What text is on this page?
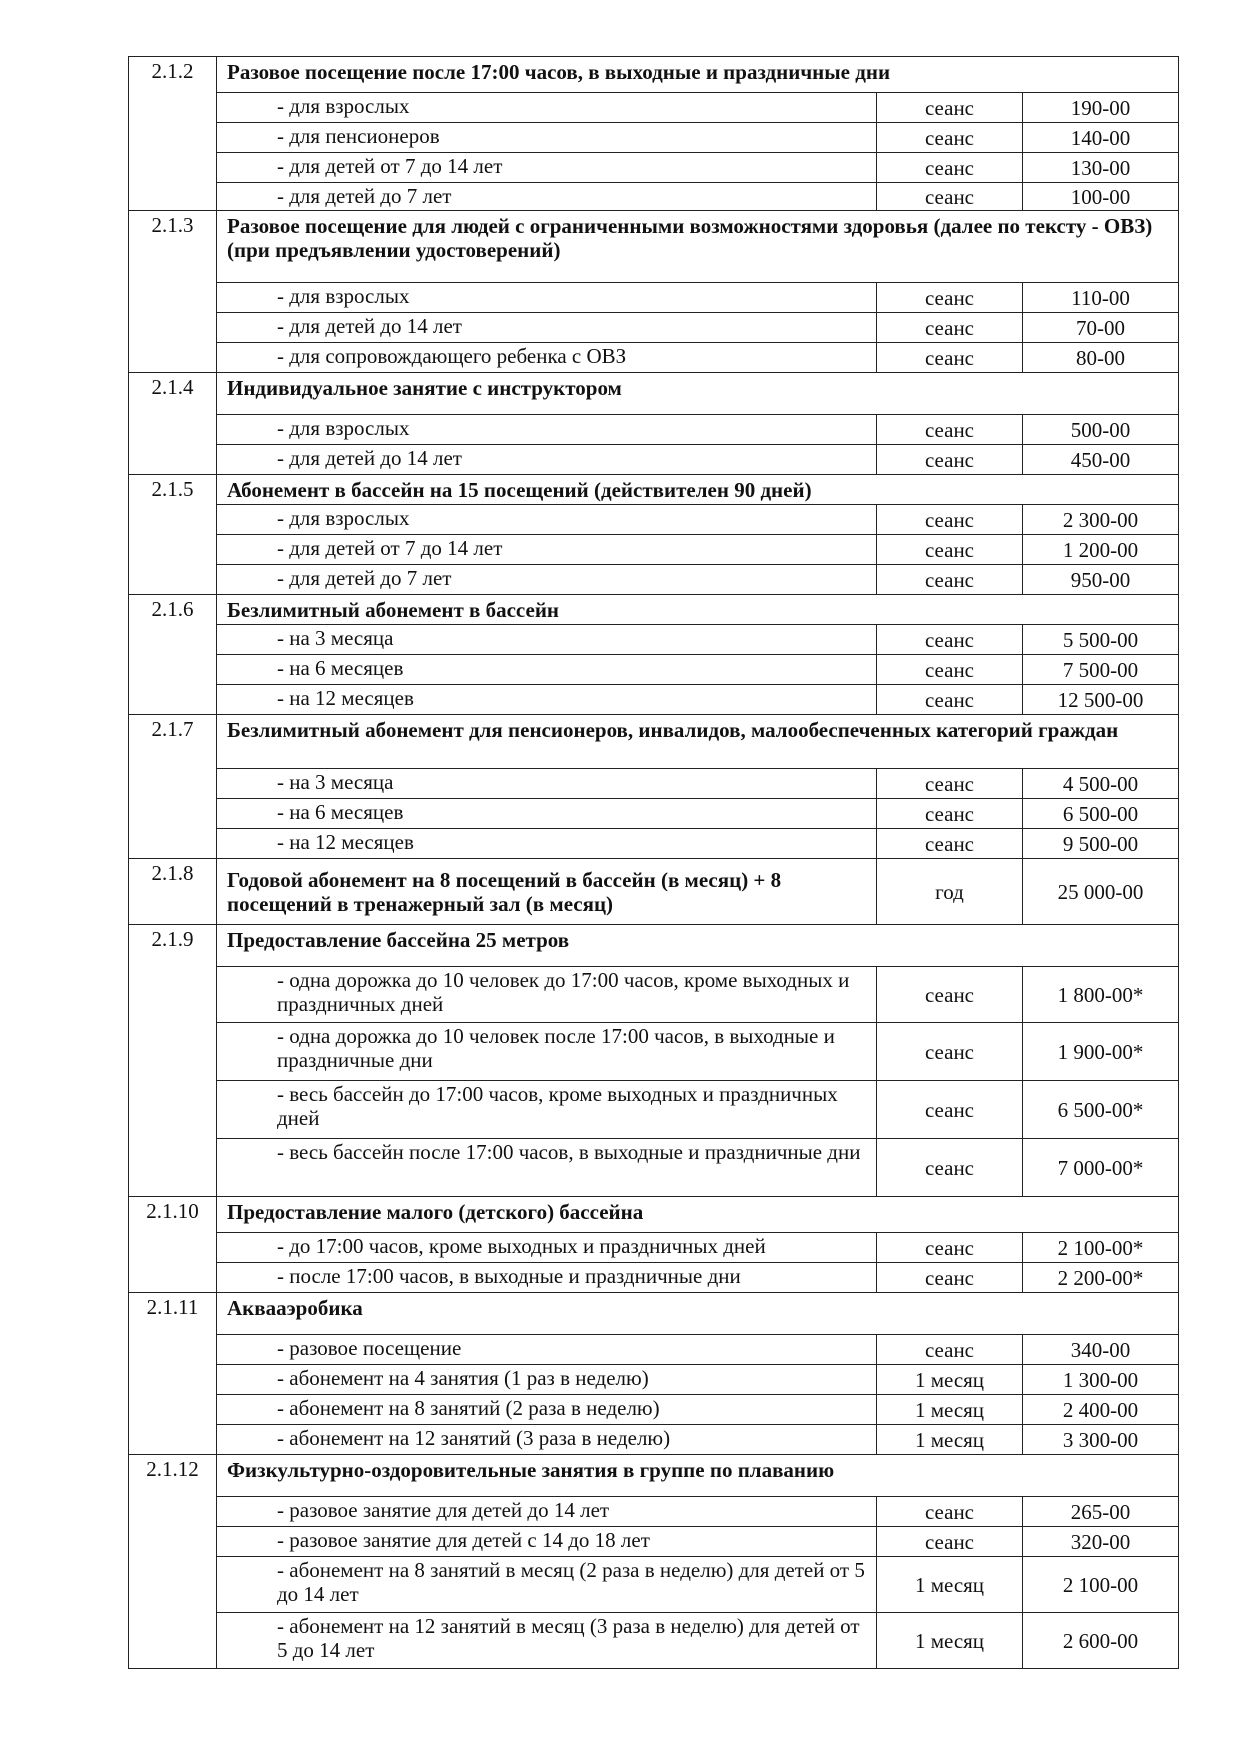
2.1.2	Разовое посещение после 17:00 часов, в выходные и праздничные дни		
	- для взрослых	сеанс	190-00
	- для пенсионеров	сеанс	140-00
	- для детей от 7 до 14 лет	сеанс	130-00
	- для детей до 7 лет	сеанс	100-00
2.1.3	Разовое посещение для людей с ограниченными возможностями здоровья (далее по тексту - ОВЗ) (при предъявлении удостоверений)		
	- для взрослых	сеанс	110-00
	- для детей до 14 лет	сеанс	70-00
	- для сопровождающего ребенка с ОВЗ	сеанс	80-00
2.1.4	Индивидуальное занятие с инструктором		
	- для взрослых	сеанс	500-00
	- для детей до 14 лет	сеанс	450-00
2.1.5	Абонемент в бассейн на 15 посещений (действителен 90 дней)		
	- для взрослых	сеанс	2 300-00
	- для детей от 7 до 14 лет	сеанс	1 200-00
	- для детей до 7 лет	сеанс	950-00
2.1.6	Безлимитный абонемент в бассейн		
	- на 3 месяца	сеанс	5 500-00
	- на 6 месяцев	сеанс	7 500-00
	- на 12 месяцев	сеанс	12 500-00
2.1.7	Безлимитный абонемент для пенсионеров, инвалидов, малообеспеченных категорий граждан		
	- на 3 месяца	сеанс	4 500-00
	- на 6 месяцев	сеанс	6 500-00
	- на 12 месяцев	сеанс	9 500-00
2.1.8	Годовой абонемент на 8 посещений в бассейн (в месяц) + 8 посещений в тренажерный зал (в месяц)	год	25 000-00
2.1.9	Предоставление бассейна 25 метров		
	- одна дорожка до 10 человек до 17:00 часов, кроме выходных и праздничных дней	сеанс	1 800-00*
	- одна дорожка до 10 человек после 17:00 часов, в выходные и праздничные дни	сеанс	1 900-00*
	- весь бассейн до 17:00 часов, кроме выходных и праздничных дней	сеанс	6 500-00*
	- весь бассейн после 17:00 часов, в выходные и праздничные дни	сеанс	7 000-00*
2.1.10	Предоставление малого (детского) бассейна		
	- до 17:00 часов, кроме выходных и праздничных дней	сеанс	2 100-00*
	- после 17:00 часов, в выходные и праздничные дни	сеанс	2 200-00*
2.1.11	Аквааэробика		
	- разовое посещение	сеанс	340-00
	- абонемент на 4 занятия (1 раз в неделю)	1 месяц	1 300-00
	- абонемент на 8 занятий (2 раза в неделю)	1 месяц	2 400-00
	- абонемент на 12 занятий (3 раза в неделю)	1 месяц	3 300-00
2.1.12	Физкультурно-оздоровительные занятия в группе по плаванию		
	- разовое занятие для детей до 14 лет	сеанс	265-00
	- разовое занятие для детей с 14 до 18 лет	сеанс	320-00
	- абонемент на 8 занятий в месяц (2 раза в неделю) для детей от 5 до 14 лет	1 месяц	2 100-00
	- абонемент на 12 занятий в месяц (3 раза в неделю) для детей от 5 до 14 лет	1 месяц	2 600-00
